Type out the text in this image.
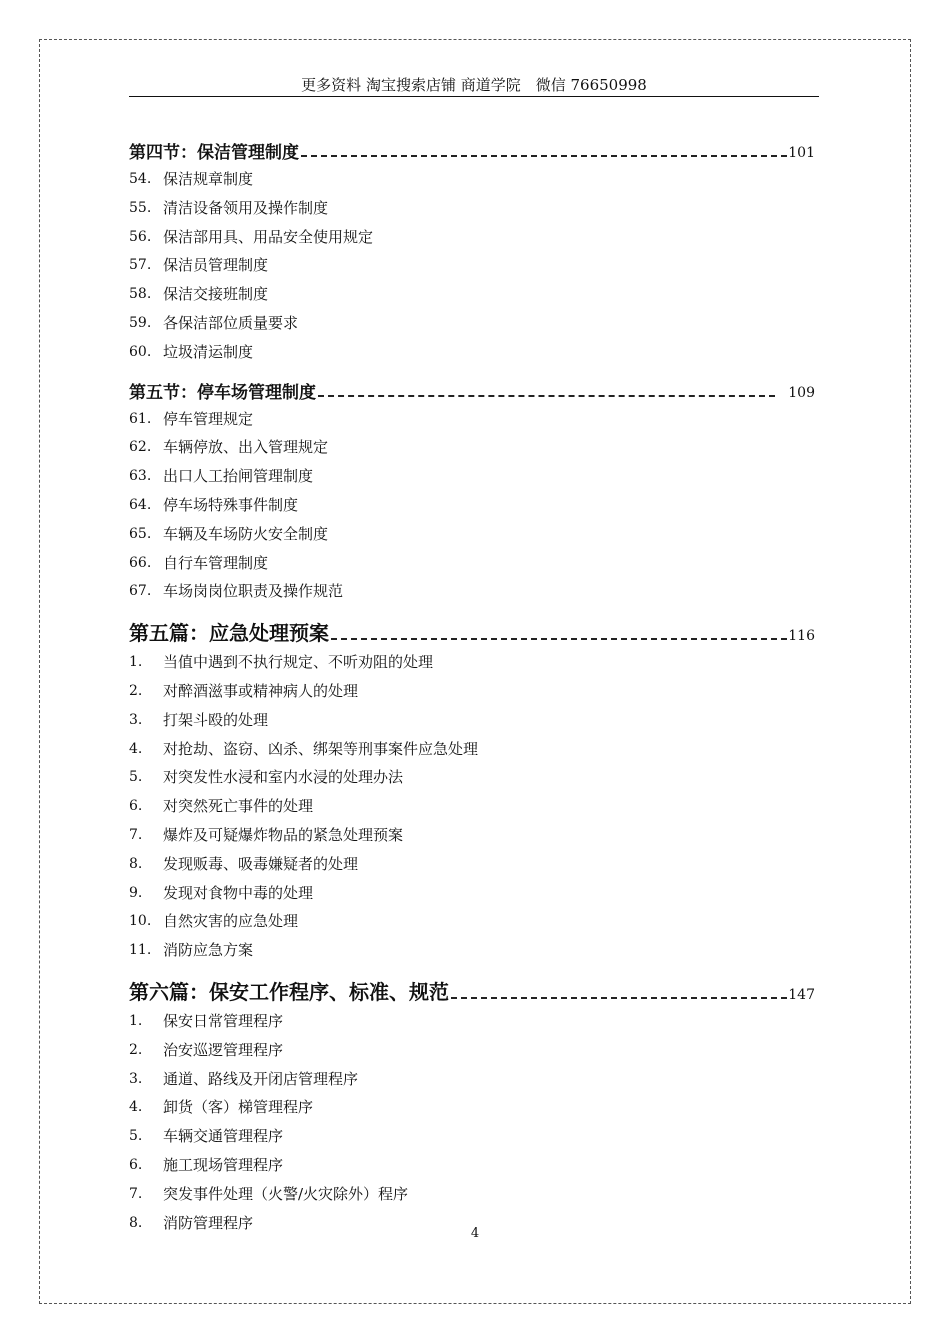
更多资料 淘宝搜索店铺 商道学院　微信 76650998
第四节：保洁管理制度	101
54. 保洁规章制度
55. 清洁设备领用及操作制度
56. 保洁部用具、用品安全使用规定
57. 保洁员管理制度
58. 保洁交接班制度
59. 各保洁部位质量要求
60. 垃圾清运制度
第五节：停车场管理制度	109
61. 停车管理规定
62. 车辆停放、出入管理规定
63. 出口人工抬闸管理制度
64. 停车场特殊事件制度
65. 车辆及车场防火安全制度
66. 自行车管理制度
67. 车场岗岗位职责及操作规范
第五篇：应急处理预案	116
1.	当值中遇到不执行规定、不听劝阻的处理
2.	对醉酒滋事或精神病人的处理
3.	打架斗殴的处理
4.	对抢劫、盗窃、凶杀、绑架等刑事案件应急处理
5.	对突发性水浸和室内水浸的处理办法
6.	对突然死亡事件的处理
7.	爆炸及可疑爆炸物品的紧急处理预案
8.	发现贩毒、吸毒嫌疑者的处理
9.	发现对食物中毒的处理
10. 自然灾害的应急处理
11. 消防应急方案
第六篇：保安工作程序、标准、规范	147
1.	保安日常管理程序
2.	治安巡逻管理程序
3.	通道、路线及开闭店管理程序
4.	卸货（客）梯管理程序
5.	车辆交通管理程序
6.	施工现场管理程序
7.	突发事件处理（火警/火灾除外）程序
8.	消防管理程序
4
